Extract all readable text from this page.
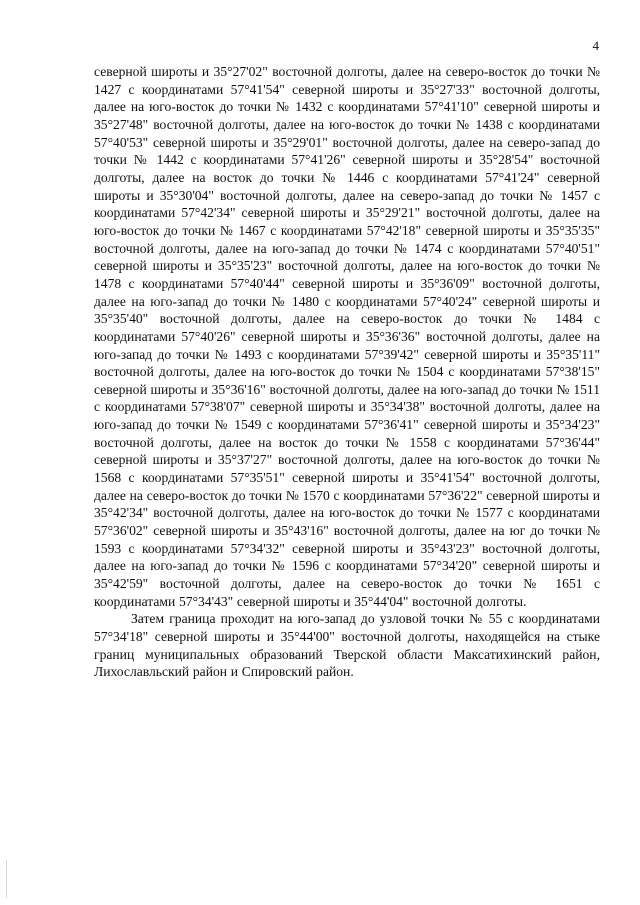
4

северной широты и 35°27'02" восточной долготы, далее на северо-восток до точки № 1427 с координатами 57°41'54" северной широты и 35°27'33" восточной долготы, далее на юго-восток до точки № 1432 с координатами 57°41'10" северной широты и 35°27'48" восточной долготы, далее на юго-восток до точки № 1438 с координатами 57°40'53" северной широты и 35°29'01" восточной долготы, далее на северо-запад до точки № 1442 с координатами 57°41'26" северной широты и 35°28'54" восточной долготы, далее на восток до точки № 1446 с координатами 57°41'24" северной широты и 35°30'04" восточной долготы, далее на северо-запад до точки № 1457 с координатами 57°42'34" северной широты и 35°29'21" восточной долготы, далее на юго-восток до точки № 1467 с координатами 57°42'18" северной широты и 35°35'35" восточной долготы, далее на юго-запад до точки № 1474 с координатами 57°40'51" северной широты и 35°35'23" восточной долготы, далее на юго-восток до точки № 1478 с координатами 57°40'44" северной широты и 35°36'09" восточной долготы, далее на юго-запад до точки № 1480 с координатами 57°40'24" северной широты и 35°35'40" восточной долготы, далее на северо-восток до точки № 1484 с координатами 57°40'26" северной широты и 35°36'36" восточной долготы, далее на юго-запад до точки № 1493 с координатами 57°39'42" северной широты и 35°35'11" восточной долготы, далее на юго-восток до точки № 1504 с координатами 57°38'15" северной широты и 35°36'16" восточной долготы, далее на юго-запад до точки № 1511 с координатами 57°38'07" северной широты и 35°34'38" восточной долготы, далее на юго-запад до точки № 1549 с координатами 57°36'41" северной широты и 35°34'23" восточной долготы, далее на восток до точки № 1558 с координатами 57°36'44" северной широты и 35°37'27" восточной долготы, далее на юго-восток до точки № 1568 с координатами 57°35'51" северной широты и 35°41'54" восточной долготы, далее на северо-восток до точки № 1570 с координатами 57°36'22" северной широты и 35°42'34" восточной долготы, далее на юго-восток до точки № 1577 с координатами 57°36'02" северной широты и 35°43'16" восточной долготы, далее на юг до точки № 1593 с координатами 57°34'32" северной широты и 35°43'23" восточной долготы, далее на юго-запад до точки № 1596 с координатами 57°34'20" северной широты и 35°42'59" восточной долготы, далее на северо-восток до точки № 1651 с координатами 57°34'43" северной широты и 35°44'04" восточной долготы.

Затем граница проходит на юго-запад до узловой точки № 55 с координатами 57°34'18" северной широты и 35°44'00" восточной долготы, находящейся на стыке границ муниципальных образований Тверской области Максатихинский район, Лихославльский район и Спировский район.
